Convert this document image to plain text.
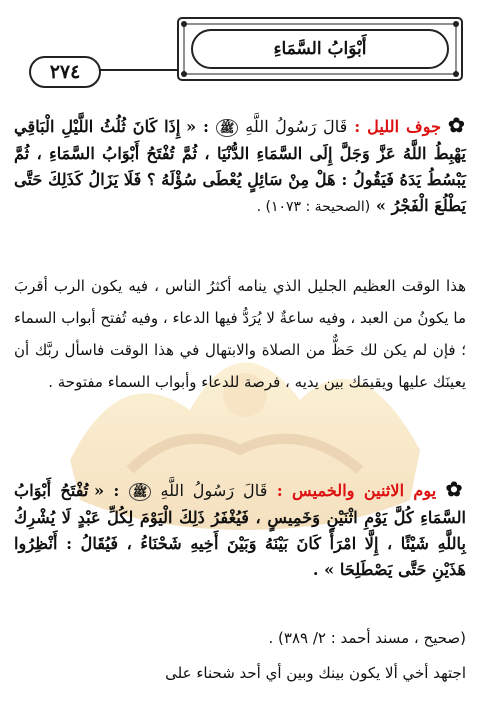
أَبْوَابُ السَّمَاءِ
٢٧٤

✿ جوف الليل : قَالَ رَسُولُ اللَّهِ ﷺ : « إِذَا كَانَ ثُلُثُ اللَّيْلِ الْبَاقِي يَهْبِطُ اللَّهُ عَزَّ وَجَلَّ إِلَى السَّمَاءِ الدُّنْيَا ، ثُمَّ تُفْتَحُ أَبْوَابُ السَّمَاءِ ، ثُمَّ يَبْسُطُ يَدَهُ فَيَقُولُ : هَلْ مِنْ سَائِلٍ يُعْطَى سُؤْلَهُ ؟ فَلَا يَزَالُ كَذَلِكَ حَتَّى يَطْلُعَ الْفَجْرُ » (الصحيحة : ١٠٧٣) .

هذا الوقت العظيم الجليل الذي ينامه أكثرُ الناس ، فيه يكون الرب أقربَ ما يكونُ من العبد ، وفيه ساعةٌ لا يُرَدُّ فيها الدعاء ، وفيه تُفتح أبواب السماء ؛ فإن لم يكن لك حَظٌّ من الصلاة والابتهال في هذا الوقت فاسأل ربَّك أن يعينَك عليها ويقيمَك بين يديه ، فرصة للدعاء وأبواب السماء مفتوحة .

✿ يوم الاثنين والخميس : قَالَ رَسُولُ اللَّهِ ﷺ : « تُفْتَحُ أَبْوَابُ السَّمَاءِ كُلَّ يَوْمِ اثْنَيْنِ وَخَمِيسٍ ، فَيُغْفَرُ ذَلِكَ الْيَوْمَ لِكُلِّ عَبْدٍ لَا يُشْرِكُ بِاللَّهِ شَيْئًا ، إِلَّا امْرَأً كَانَ بَيْنَهُ وَبَيْنَ أَخِيهِ شَحْنَاءُ ، فَيُقَالُ : أَنْظِرُوا هَذَيْنِ حَتَّى يَصْطَلِحَا » .

(صحيح ، مسند أحمد : ٢/ ٣٨٩) .

اجتهد أخي ألا يكون بينك وبين أي أحد شحناء على
